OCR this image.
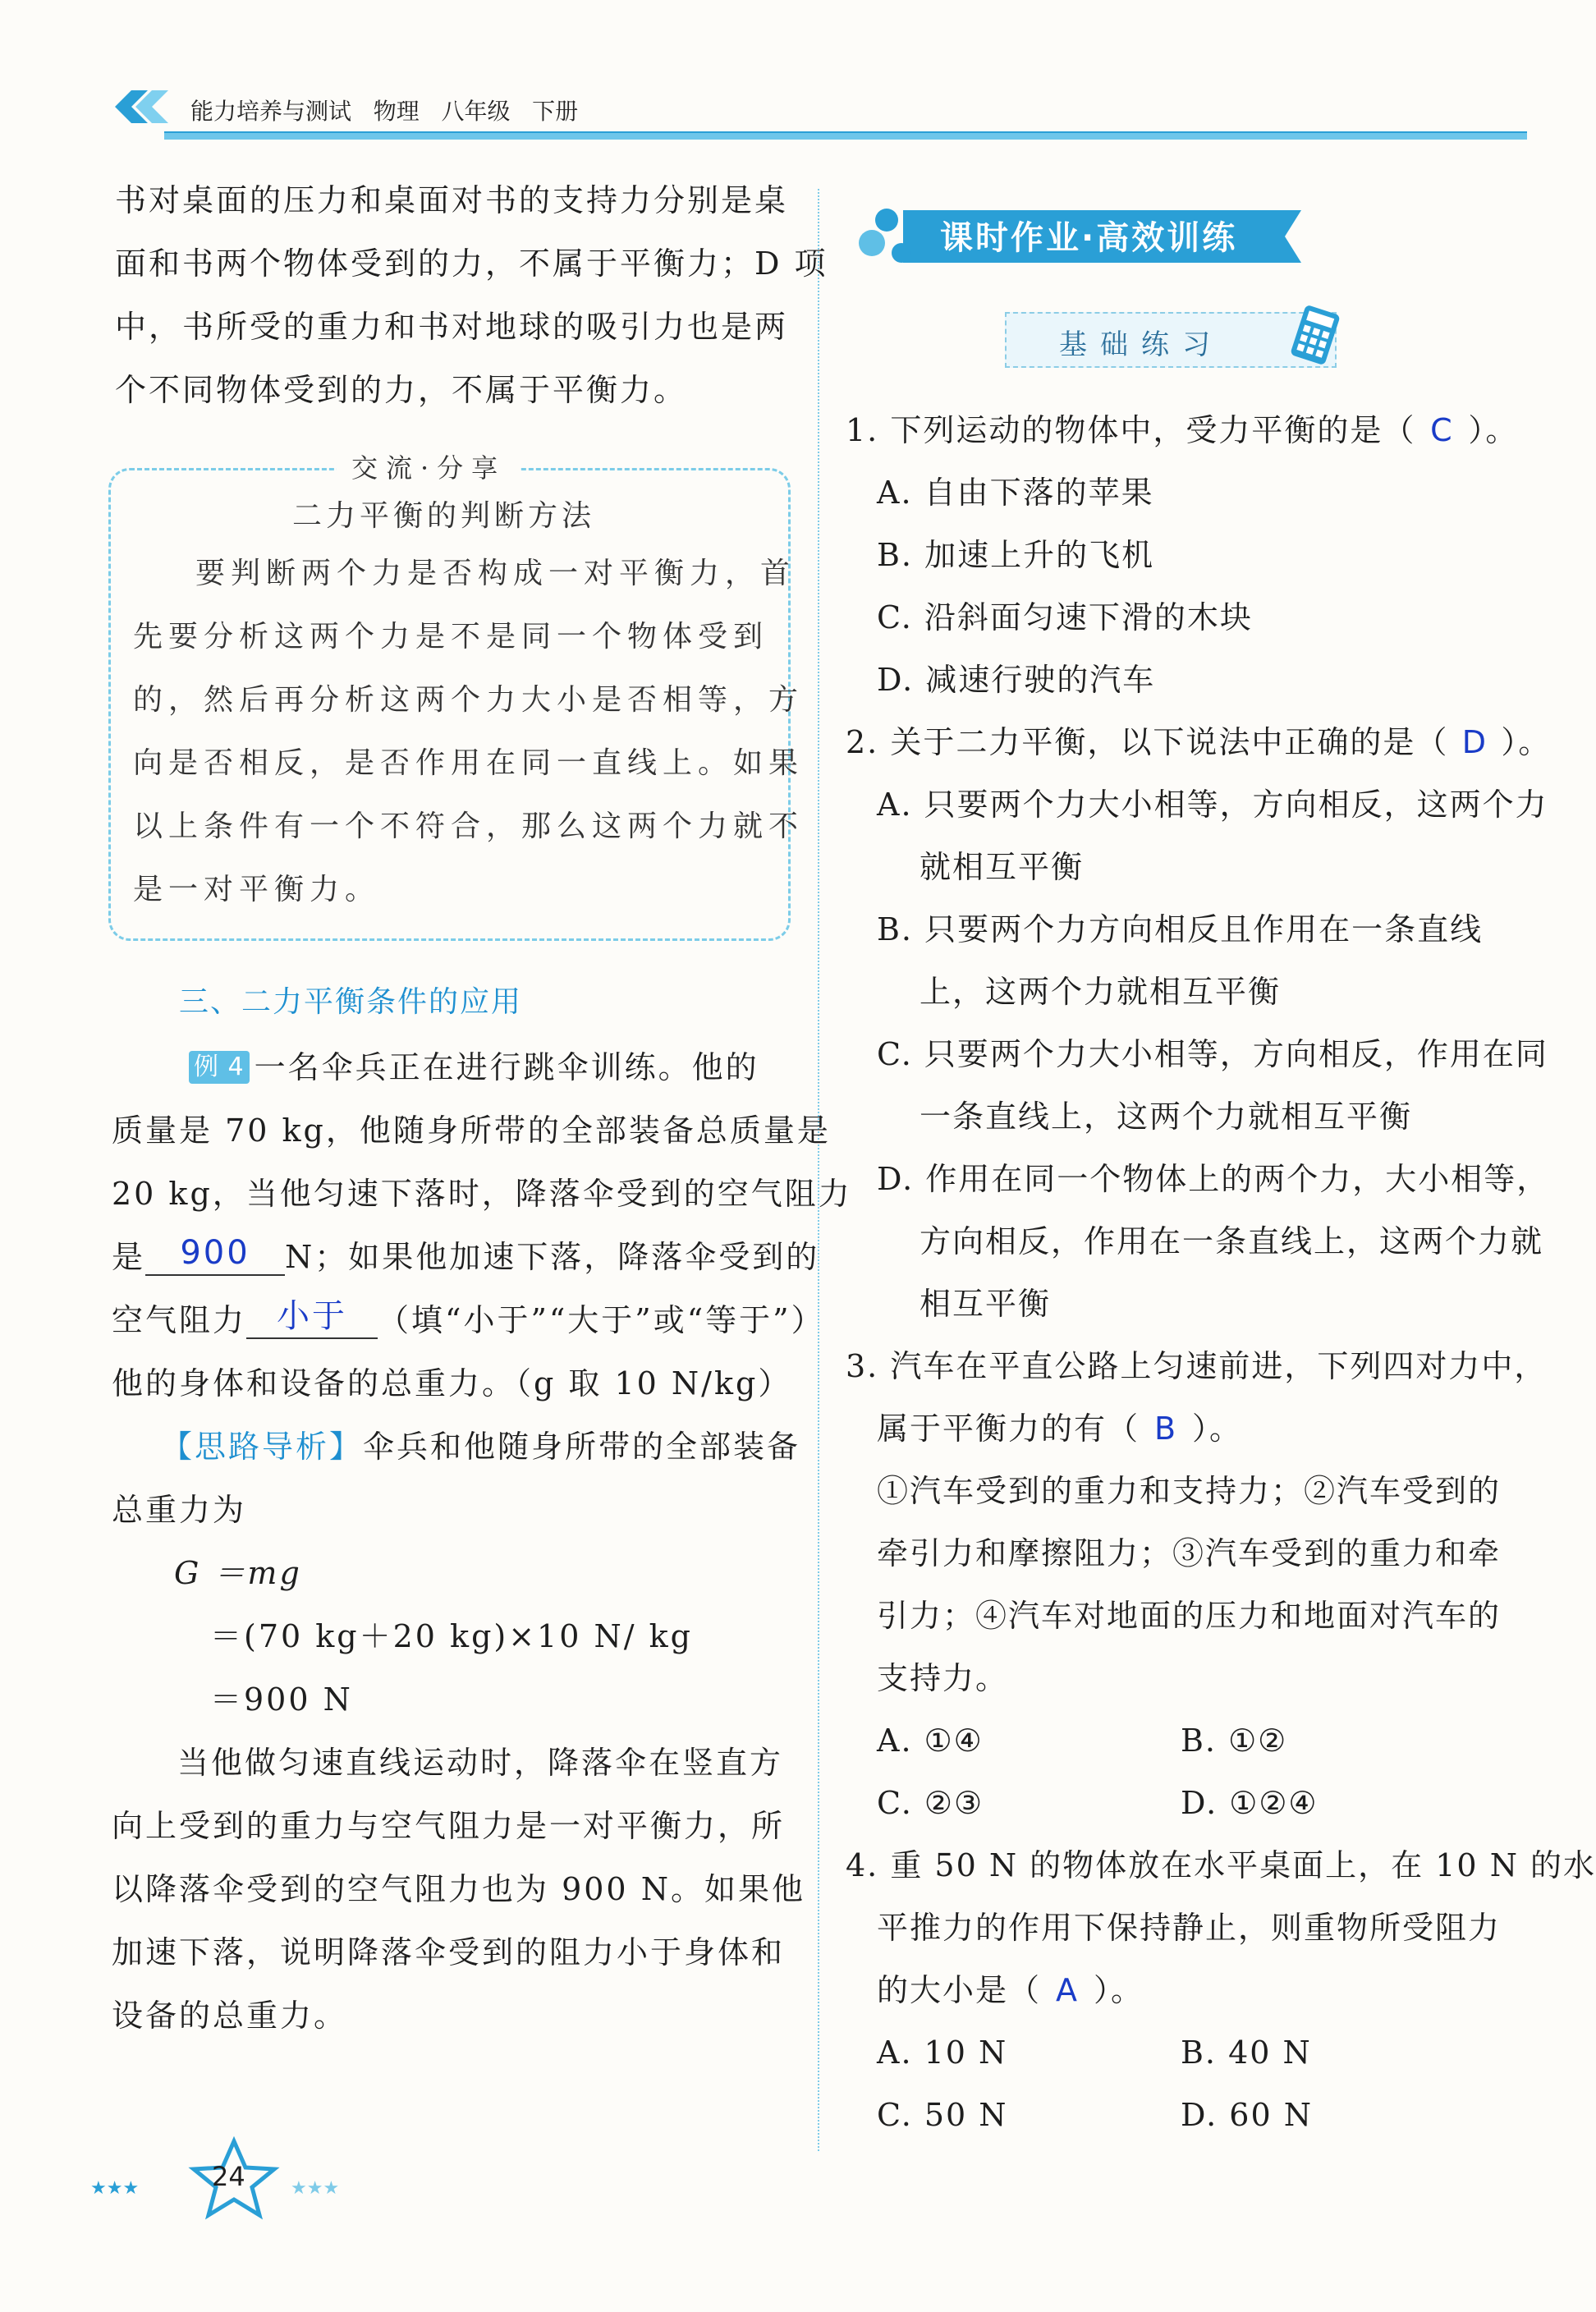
能力培养与测试 物理 八年级 下册

书对桌面的压力和桌面对书的支持力分别是桌

面和书两个物体受到的力，不属于平衡力；D 项

中，书所受的重力和书对地球的吸引力也是两

个不同物体受到的力，不属于平衡力。

交流·分享
二力平衡的判断方法

要判断两个力是否构成一对平衡力，首

先要分析这两个力是不是同一个物体受到

的，然后再分析这两个力大小是否相等，方

向是否相反，是否作用在同一直线上。如果

以上条件有一个不符合，那么这两个力就不

是一对平衡力。

三、二力平衡条件的应用

例 4 一名伞兵正在进行跳伞训练。他的

质量是 70 kg，他随身所带的全部装备总质量是

20 kg，当他匀速下落时，降落伞受到的空气阻力

是	900	N；如果他加速下落，降落伞受到的

空气阻力 小于 （填“小于”“大于”或“等于”）

他的身体和设备的总重力。（g 取 10 N/kg）

【思路导析】伞兵和他随身所带的全部装备

总重力为

G ＝mg

＝(70 kg＋20 kg)×10 N/ kg

＝900 N

当他做匀速直线运动时，降落伞在竖直方

向上受到的重力与空气阻力是一对平衡力，所

以降落伞受到的空气阻力也为 900 N。如果他

加速下落，说明降落伞受到的阻力小于身体和

设备的总重力。

课时作业·高效训练
基础练习

1. 下列运动的物体中，受力平衡的是（ C ）。

A. 自由下落的苹果

B. 加速上升的飞机

C. 沿斜面匀速下滑的木块

D. 减速行驶的汽车

2. 关于二力平衡，以下说法中正确的是（ D ）。

A. 只要两个力大小相等，方向相反，这两个力

就相互平衡

B. 只要两个力方向相反且作用在一条直线

上，这两个力就相互平衡

C. 只要两个力大小相等，方向相反，作用在同

一条直线上，这两个力就相互平衡

D. 作用在同一个物体上的两个力，大小相等，

方向相反，作用在一条直线上，这两个力就

相互平衡

3. 汽车在平直公路上匀速前进，下列四对力中，

属于平衡力的有（ B ）。

①汽车受到的重力和支持力；②汽车受到的

牵引力和摩擦阻力；③汽车受到的重力和牵

引力；④汽车对地面的压力和地面对汽车的

支持力。

A. ①④	B. ①②

C. ②③	D. ①②④

4. 重 50 N 的物体放在水平桌面上，在 10 N 的水

平推力的作用下保持静止，则重物所受阻力

的大小是（ A ）。

A. 10 N	B. 40 N

C. 50 N	D. 60 N

★★★	★★★
24
